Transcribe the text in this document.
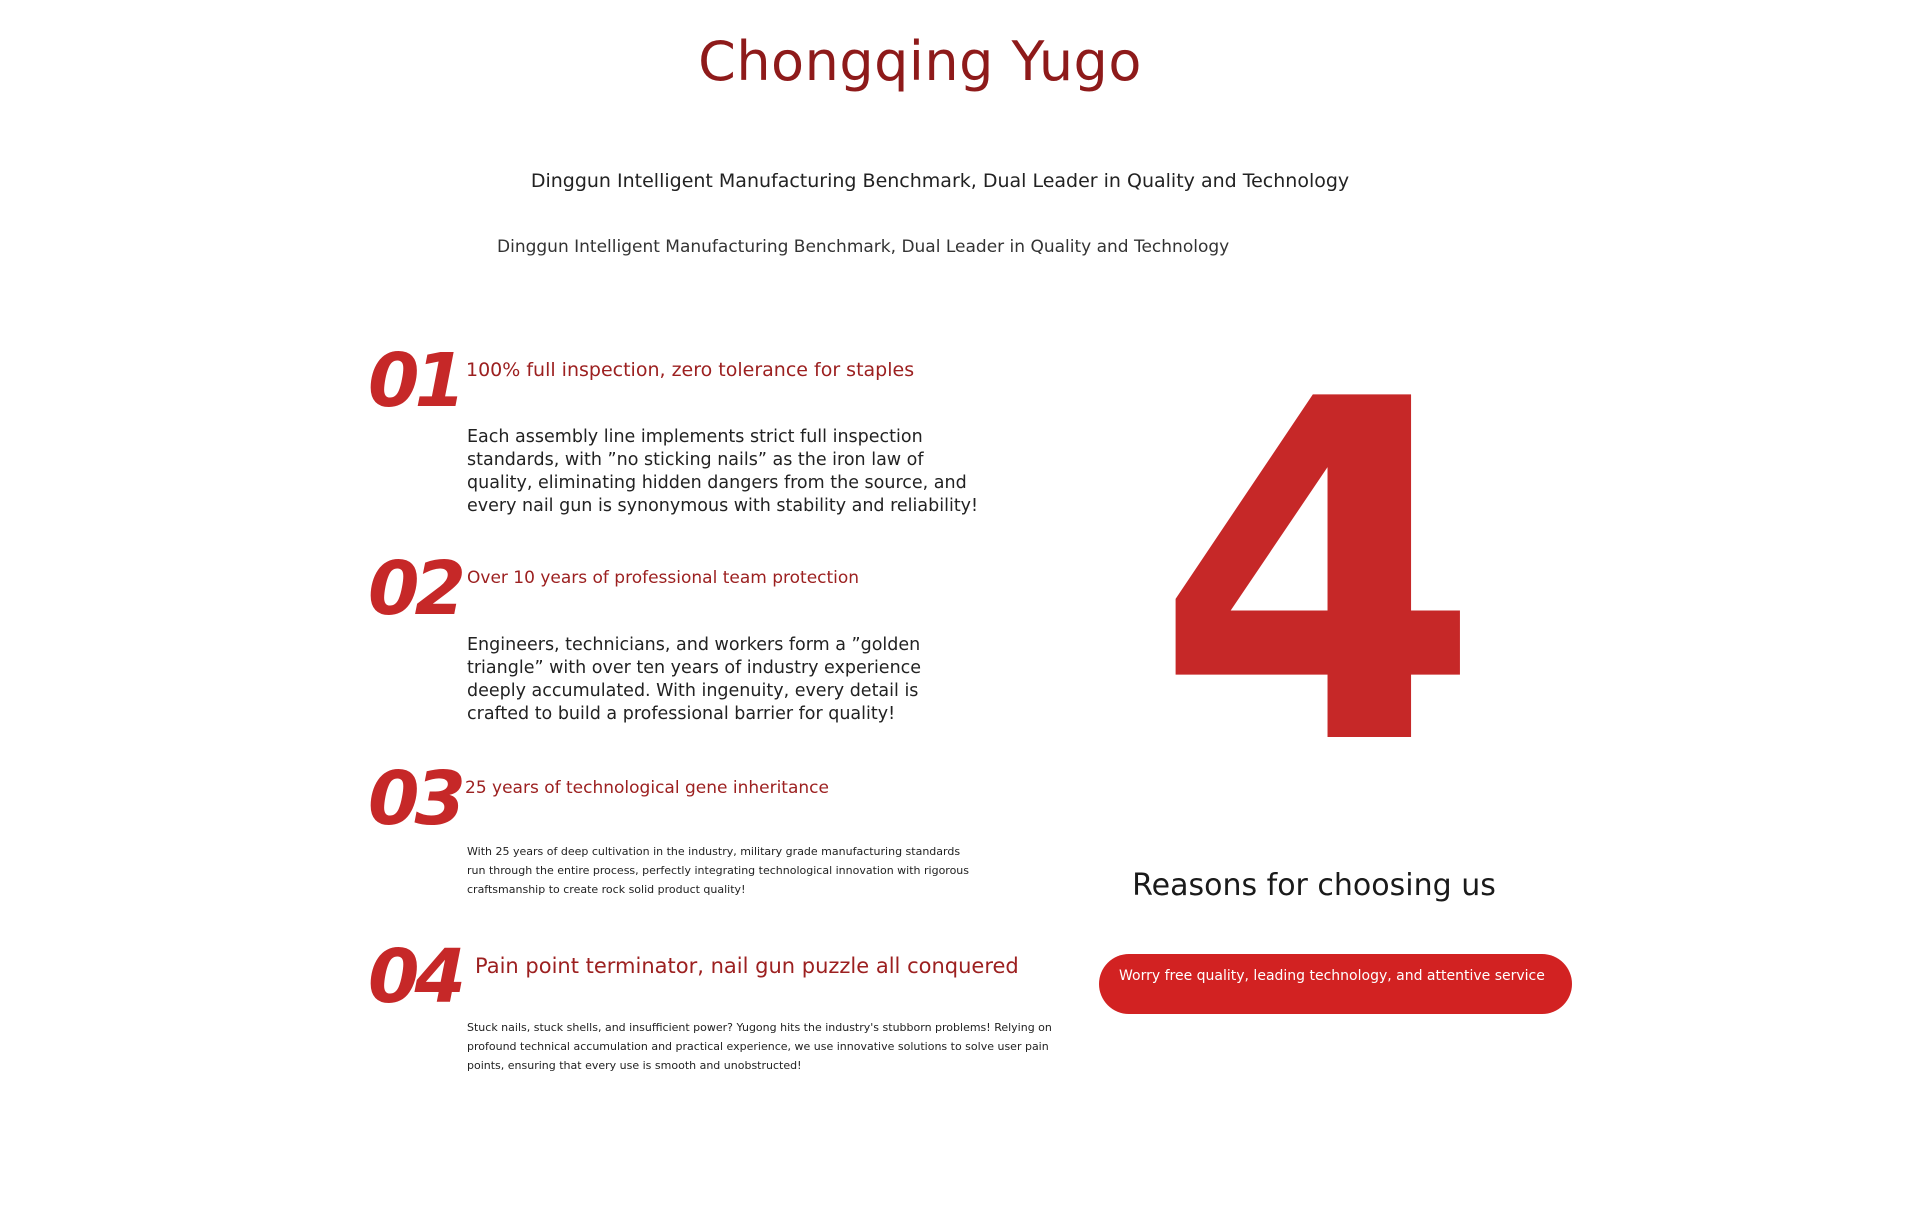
Chongqing Yugo
Dinggun Intelligent Manufacturing Benchmark, Dual Leader in Quality and Technology
Dinggun Intelligent Manufacturing Benchmark, Dual Leader in Quality and Technology
01 100% full inspection, zero tolerance for staples
Each assembly line implements strict full inspection standards, with ”no sticking nails” as the iron law of quality, eliminating hidden dangers from the source, and every nail gun is synonymous with stability and reliability!
02 Over 10 years of professional team protection
Engineers, technicians, and workers form a ”golden triangle” with over ten years of industry experience deeply accumulated. With ingenuity, every detail is crafted to build a professional barrier for quality!
03 25 years of technological gene inheritance
With 25 years of deep cultivation in the industry, military grade manufacturing standards run through the entire process, perfectly integrating technological innovation with rigorous craftsmanship to create rock solid product quality!
04 Pain point terminator, nail gun puzzle all conquered
Stuck nails, stuck shells, and insufficient power? Yugong hits the industry's stubborn problems! Relying on profound technical accumulation and practical experience, we use innovative solutions to solve user pain points, ensuring that every use is smooth and unobstructed!
4
Reasons for choosing us
Worry free quality, leading technology, and attentive service
